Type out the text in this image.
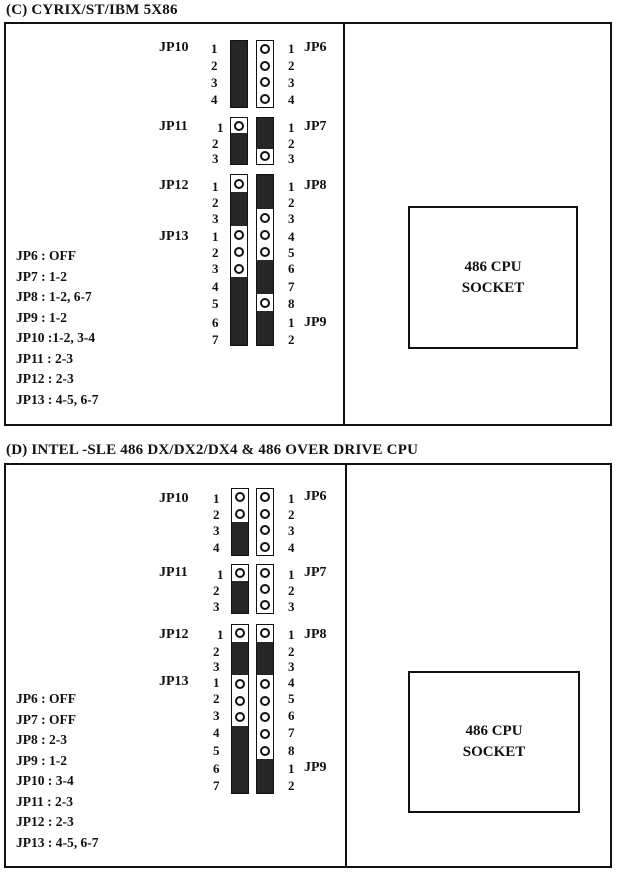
(C) CYRIX/ST/IBM 5X86
486 CPU
SOCKET
JP6 : OFF
JP7 : 1-2
JP8 : 1-2, 6-7
JP9 : 1-2
JP10 :1-2, 3-4
JP11 : 2-3
JP12 : 2-3
JP13 : 4-5, 6-7
JP10	JP6
JP11	JP7
JP12	JP8
JP13
JP9
1
2
3
4
1
2
3
1
2
3
1
2
3
4
5
6
7
1
2
3
4
1
2
3
1
2
3
4
5
6
7
8
1
2
(D) INTEL -SLE 486 DX/DX2/DX4 & 486 OVER DRIVE CPU
486 CPU
SOCKET
JP6 : OFF
JP7 : OFF
JP8 : 2-3
JP9 : 1-2
JP10 : 3-4
JP11 : 2-3
JP12 : 2-3
JP13 : 4-5, 6-7
JP10	JP6
JP11	JP7
JP12	JP8
JP13
JP9
1
2
3
4
1
2
3
1
2
3
1
2
3
4
5
6
7
1
2
3
4
1
2
3
1
2
3
4
5
6
7
8
1
2
